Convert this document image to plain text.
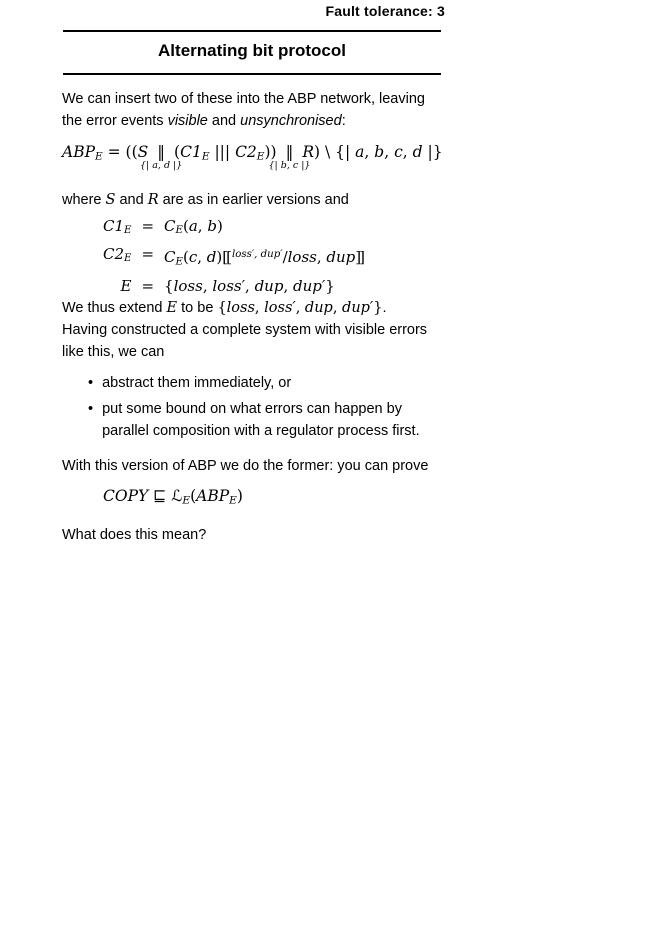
Fault tolerance: 3
Alternating bit protocol
We can insert two of these into the ABP network, leaving
the error events visible and unsynchronised:
ABPE = ((S ‖
{| a, d |}
(C1E ||| C2E)) ‖
{| b, c |}
R) \ {| a, b, c, d |}
where S and R are as in earlier versions and
C1E = CE(a, b)
C2E = CE(c, d)[[ $^{loss', dup'}$/loss, dup]]
E = {loss, loss′, dup, dup′}
We thus extend E to be {loss, loss′, dup, dup′}.
Having constructed a complete system with visible errors
like this, we can
• abstract them immediately, or
• put some bound on what errors can happen by
parallel composition with a regulator process first.
With this version of ABP we do the former: you can prove
COPY ⊑ ℒE(ABPE)
What does this mean?
